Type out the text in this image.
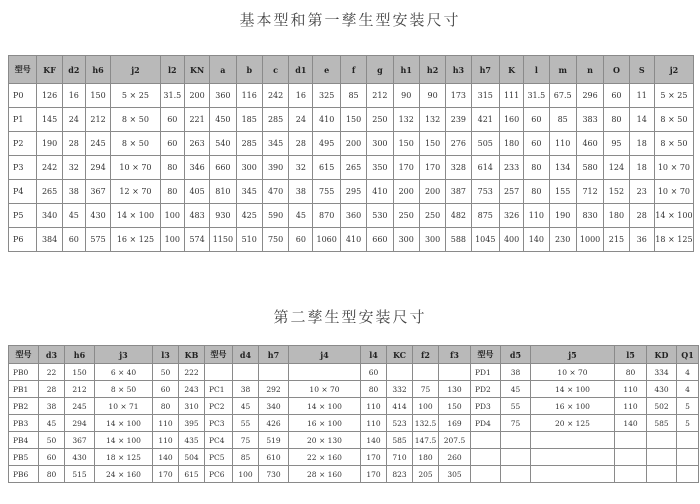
基本型和第一孳生型安装尺寸
型号	KF	d2	h6	j2	l2	KN	a	b	c	d1	e	f	g	h1	h2	h3	h7	K	l	m	n	O	S	j2
P0	126	16	150	5 × 25	31.5	200	360	116	242	16	325	85	212	90	90	173	315	111	31.5	67.5	296	60	11	5 × 25
P1	145	24	212	8 × 50	60	221	450	185	285	24	410	150	250	132	132	239	421	160	60	85	383	80	14	8 × 50
P2	190	28	245	8 × 50	60	263	540	285	345	28	495	200	300	150	150	276	505	180	60	110	460	95	18	8 × 50
P3	242	32	294	10 × 70	80	346	660	300	390	32	615	265	350	170	170	328	614	233	80	134	580	124	18	10 × 70
P4	265	38	367	12 × 70	80	405	810	345	470	38	755	295	410	200	200	387	753	257	80	155	712	152	23	10 × 70
P5	340	45	430	14 × 100	100	483	930	425	590	45	870	360	530	250	250	482	875	326	110	190	830	180	28	14 × 100
P6	384	60	575	16 × 125	100	574	1150	510	750	60	1060	410	660	300	300	588	1045	400	140	230	1000	215	36	18 × 125
第二孳生型安装尺寸
型号	d3	h6	j3	l3	KB	型号	d4	h7	j4	l4	KC	f2	f3	型号	d5	j5	l5	KD	Q1
PB0	22	150	6 × 40	50	222					60				PD1	38	10 × 70	80	334	4
PB1	28	212	8 × 50	60	243	PC1	38	292	10 × 70	80	332	75	130	PD2	45	14 × 100	110	430	4
PB2	38	245	10 × 71	80	310	PC2	45	340	14 × 100	110	414	100	150	PD3	55	16 × 100	110	502	5
PB3	45	294	14 × 100	110	395	PC3	55	426	16 × 100	110	523	132.5	169	PD4	75	20 × 125	140	585	5
PB4	50	367	14 × 100	110	435	PC4	75	519	20 × 130	140	585	147.5	207.5						
PB5	60	430	18 × 125	140	504	PC5	85	610	22 × 160	170	710	180	260						
PB6	80	515	24 × 160	170	615	PC6	100	730	28 × 160	170	823	205	305						
